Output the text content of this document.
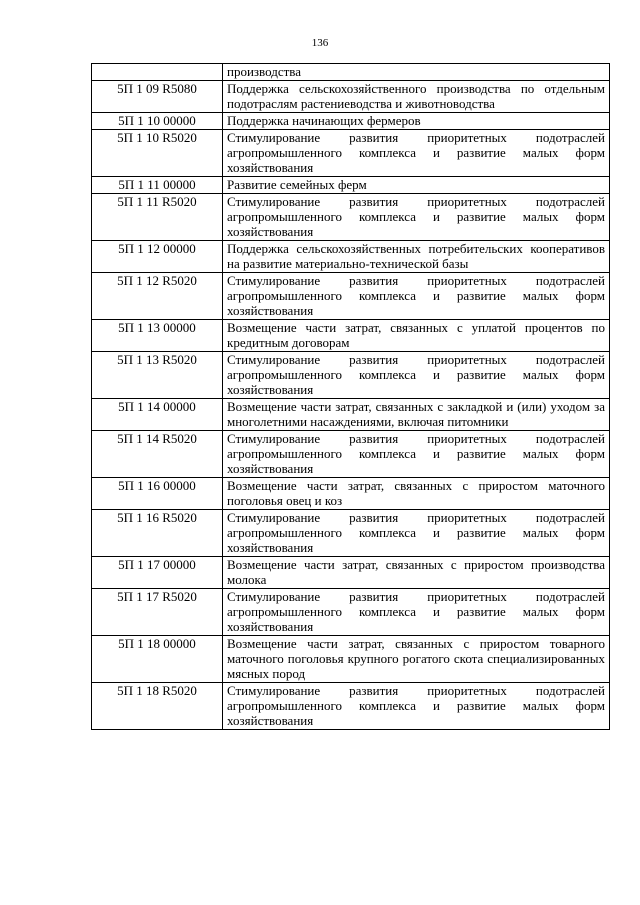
136
	производства
5П 1 09 R5080	Поддержка сельскохозяйственного производства по отдельным подотраслям растениеводства и животноводства
5П 1 10 00000	Поддержка начинающих фермеров
5П 1 10 R5020	Стимулирование развития приоритетных подотраслей агропромышленного комплекса и развитие малых форм хозяйствования
5П 1 11 00000	Развитие семейных ферм
5П 1 11 R5020	Стимулирование развития приоритетных подотраслей агропромышленного комплекса и развитие малых форм хозяйствования
5П 1 12 00000	Поддержка сельскохозяйственных потребительских кооперативов на развитие материально-технической базы
5П 1 12 R5020	Стимулирование развития приоритетных подотраслей агропромышленного комплекса и развитие малых форм хозяйствования
5П 1 13 00000	Возмещение части затрат, связанных с уплатой процентов по кредитным договорам
5П 1 13 R5020	Стимулирование развития приоритетных подотраслей агропромышленного комплекса и развитие малых форм хозяйствования
5П 1 14 00000	Возмещение части затрат, связанных с закладкой и (или) уходом за многолетними насаждениями, включая питомники
5П 1 14 R5020	Стимулирование развития приоритетных подотраслей агропромышленного комплекса и развитие малых форм хозяйствования
5П 1 16 00000	Возмещение части затрат, связанных с приростом маточного поголовья овец и коз
5П 1 16 R5020	Стимулирование развития приоритетных подотраслей агропромышленного комплекса и развитие малых форм хозяйствования
5П 1 17 00000	Возмещение части затрат, связанных с приростом производства молока
5П 1 17 R5020	Стимулирование развития приоритетных подотраслей агропромышленного комплекса и развитие малых форм хозяйствования
5П 1 18 00000	Возмещение части затрат, связанных с приростом товарного маточного поголовья крупного рогатого скота специализированных мясных пород
5П 1 18 R5020	Стимулирование развития приоритетных подотраслей агропромышленного комплекса и развитие малых форм хозяйствования
